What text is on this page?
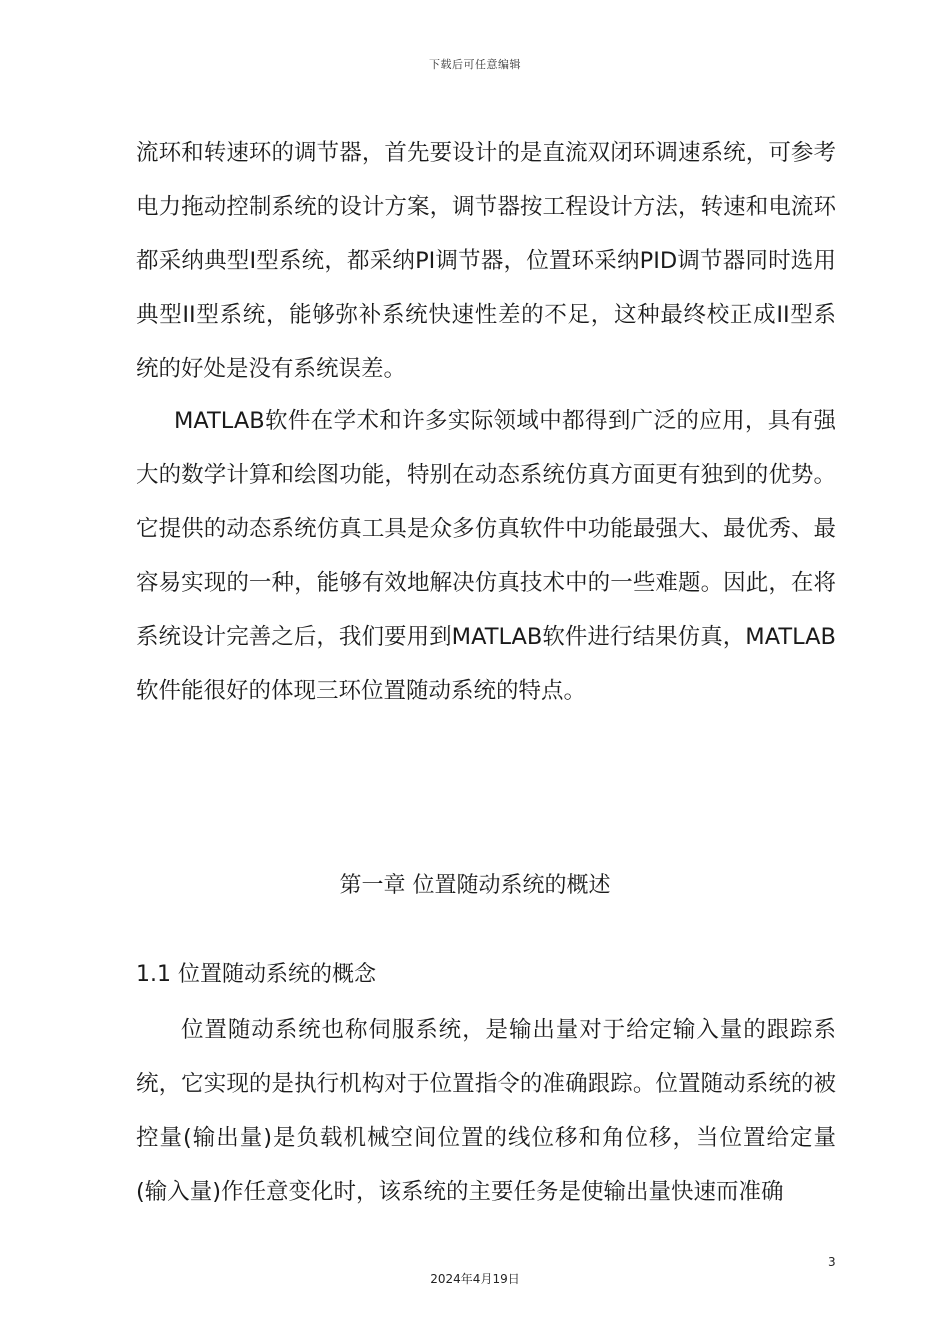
下载后可任意编辑

流环和转速环的调节器，首先要设计的是直流双闭环调速系统，可参考电力拖动控制系统的设计方案，调节器按工程设计方法，转速和电流环都采纳典型I型系统，都采纳PI调节器，位置环采纳PID调节器同时选用典型II型系统，能够弥补系统快速性差的不足，这种最终校正成II型系统的好处是没有系统误差。

MATLAB软件在学术和许多实际领域中都得到广泛的应用，具有强大的数学计算和绘图功能，特别在动态系统仿真方面更有独到的优势。它提供的动态系统仿真工具是众多仿真软件中功能最强大、最优秀、最容易实现的一种，能够有效地解决仿真技术中的一些难题。因此，在将系统设计完善之后，我们要用到MATLAB软件进行结果仿真，MATLAB软件能很好的体现三环位置随动系统的特点。

第一章 位置随动系统的概述
1.1 位置随动系统的概念

位置随动系统也称伺服系统，是输出量对于给定输入量的跟踪系统，它实现的是执行机构对于位置指令的准确跟踪。位置随动系统的被控量(输出量)是负载机械空间位置的线位移和角位移，当位置给定量(输入量)作任意变化时，该系统的主要任务是使输出量快速而准确

3
2024年4月19日
